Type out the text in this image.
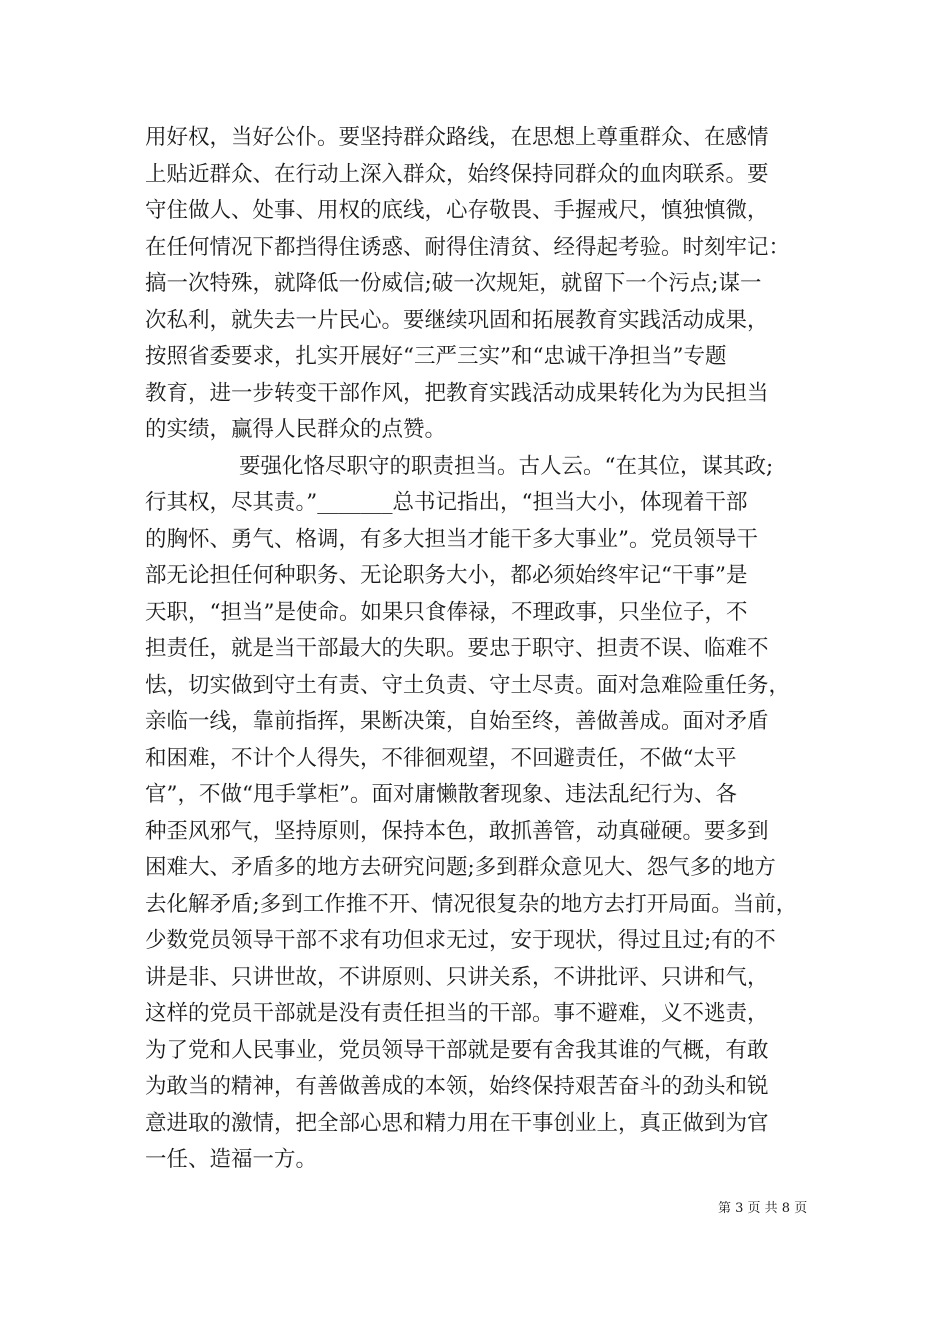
用好权，当好公仆。要坚持群众路线，在思想上尊重群众、在感情
上贴近群众、在行动上深入群众，始终保持同群众的血肉联系。要
守住做人、处事、用权的底线，心存敬畏、手握戒尺，慎独慎微，
在任何情况下都挡得住诱惑、耐得住清贫、经得起考验。时刻牢记：
搞一次特殊，就降低一份威信;破一次规矩，就留下一个污点;谋一
次私利，就失去一片民心。要继续巩固和拓展教育实践活动成果，
按照省委要求，扎实开展好“三严三实”和“忠诚干净担当”专题
教育，进一步转变干部作风，把教育实践活动成果转化为为民担当
的实绩，赢得人民群众的点赞。
要强化恪尽职守的职责担当。古人云。“在其位，谋其政;
行其权，尽其责。”_______总书记指出，“担当大小，体现着干部
的胸怀、勇气、格调，有多大担当才能干多大事业”。党员领导干
部无论担任何种职务、无论职务大小，都必须始终牢记“干事”是
天职，“担当”是使命。如果只食俸禄，不理政事，只坐位子，不
担责任，就是当干部最大的失职。要忠于职守、担责不误、临难不
怯，切实做到守土有责、守土负责、守土尽责。面对急难险重任务，
亲临一线，靠前指挥，果断决策，自始至终，善做善成。面对矛盾
和困难，不计个人得失，不徘徊观望，不回避责任，不做“太平
官”，不做“甩手掌柜”。面对庸懒散奢现象、违法乱纪行为、各
种歪风邪气，坚持原则，保持本色，敢抓善管，动真碰硬。要多到
困难大、矛盾多的地方去研究问题;多到群众意见大、怨气多的地方
去化解矛盾;多到工作推不开、情况很复杂的地方去打开局面。当前，
少数党员领导干部不求有功但求无过，安于现状，得过且过;有的不
讲是非、只讲世故，不讲原则、只讲关系，不讲批评、只讲和气，
这样的党员干部就是没有责任担当的干部。事不避难，义不逃责，
为了党和人民事业，党员领导干部就是要有舍我其谁的气概，有敢
为敢当的精神，有善做善成的本领，始终保持艰苦奋斗的劲头和锐
意进取的激情，把全部心思和精力用在干事创业上，真正做到为官
一任、造福一方。
第 3 页 共 8 页
